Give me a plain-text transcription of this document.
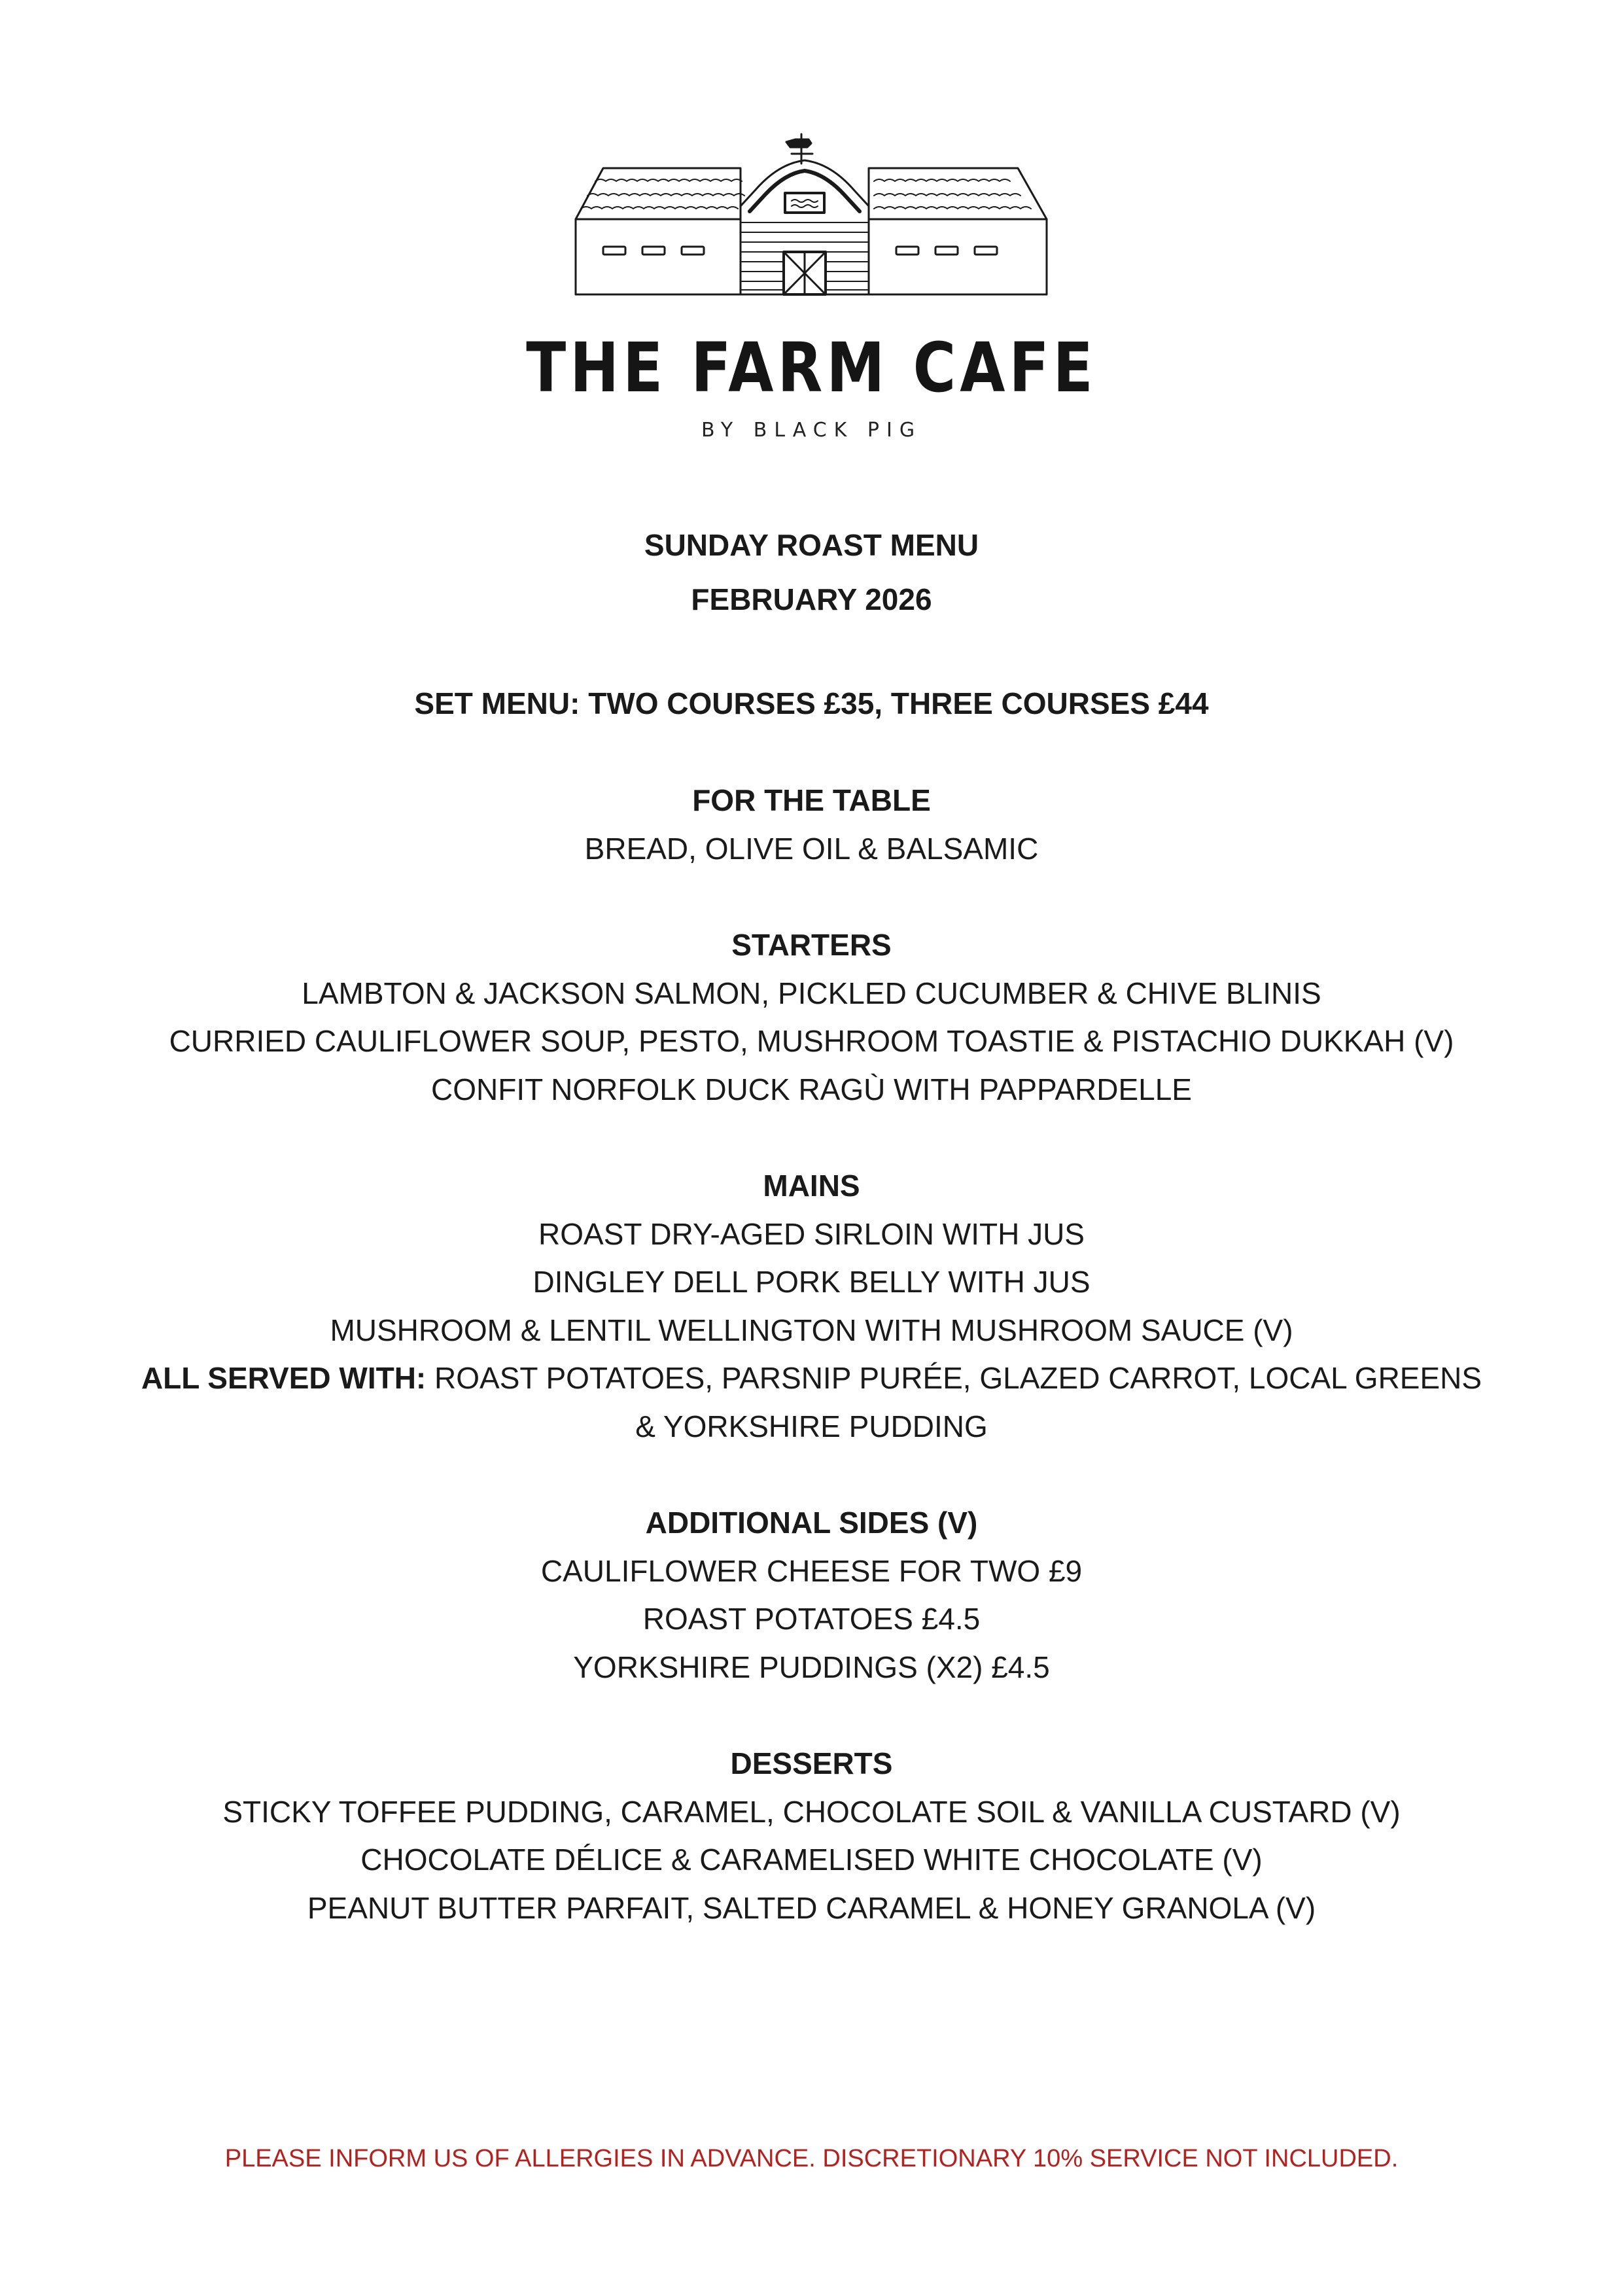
THE FARM CAFE
BY BLACK PIG
SUNDAY ROAST MENU
FEBRUARY 2026
SET MENU: TWO COURSES £35, THREE COURSES £44
FOR THE TABLE
BREAD, OLIVE OIL & BALSAMIC
STARTERS
LAMBTON & JACKSON SALMON, PICKLED CUCUMBER & CHIVE BLINIS
CURRIED CAULIFLOWER SOUP, PESTO, MUSHROOM TOASTIE & PISTACHIO DUKKAH (V)
CONFIT NORFOLK DUCK RAGÙ WITH PAPPARDELLE
MAINS
ROAST DRY-AGED SIRLOIN WITH JUS
DINGLEY DELL PORK BELLY WITH JUS
MUSHROOM & LENTIL WELLINGTON WITH MUSHROOM SAUCE (V)
ALL SERVED WITH: ROAST POTATOES, PARSNIP PURÉE, GLAZED CARROT, LOCAL GREENS
& YORKSHIRE PUDDING
ADDITIONAL SIDES (V)
CAULIFLOWER CHEESE FOR TWO £9
ROAST POTATOES £4.5
YORKSHIRE PUDDINGS (X2) £4.5
DESSERTS
STICKY TOFFEE PUDDING, CARAMEL, CHOCOLATE SOIL & VANILLA CUSTARD (V)
CHOCOLATE DÉLICE & CARAMELISED WHITE CHOCOLATE (V)
PEANUT BUTTER PARFAIT, SALTED CARAMEL & HONEY GRANOLA (V)
PLEASE INFORM US OF ALLERGIES IN ADVANCE. DISCRETIONARY 10% SERVICE NOT INCLUDED.
